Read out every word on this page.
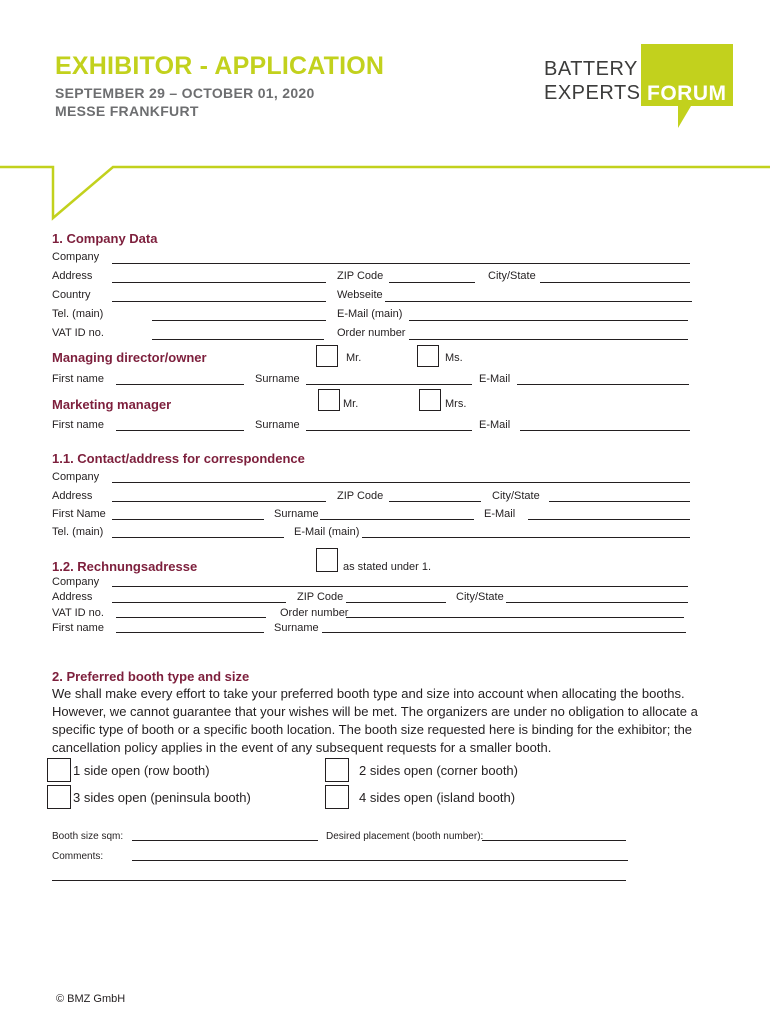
EXHIBITOR - APPLICATION
SEPTEMBER 29 – OCTOBER 01, 2020
MESSE FRANKFURT
BATTERY
EXPERTS FORUM
1. Company Data
Company
Address	ZIP Code	City/State
Country	Webseite
Tel. (main)	E-Mail (main)
VAT ID no.	Order number
Managing director/owner	Mr.	Ms.
First name	Surname	E-Mail
Marketing manager	Mr.	Mrs.
First name	Surname	E-Mail
1.1. Contact/address for correspondence
Company
Address	ZIP Code	City/State
First Name	Surname	E-Mail
Tel. (main)	E-Mail (main)
1.2. Rechnungsadresse	as stated under 1.
Company
Address	ZIP Code	City/State
VAT ID no.	Order number
First name	Surname
2. Preferred booth type and size
We shall make every effort to take your preferred booth type and size into account when allocating the booths. However, we cannot guarantee that your wishes will be met. The organizers are under no obligation to allocate a specific type of booth or a specific booth location. The booth size requested here is binding for the exhibitor; the cancellation policy applies in the event of any subsequent requests for a smaller booth.
1 side open (row booth)	2 sides open (corner booth)
3 sides open (peninsula booth)	4 sides open (island booth)
Booth size sqm:	Desired placement (booth number):
Comments:
© BMZ GmbH
